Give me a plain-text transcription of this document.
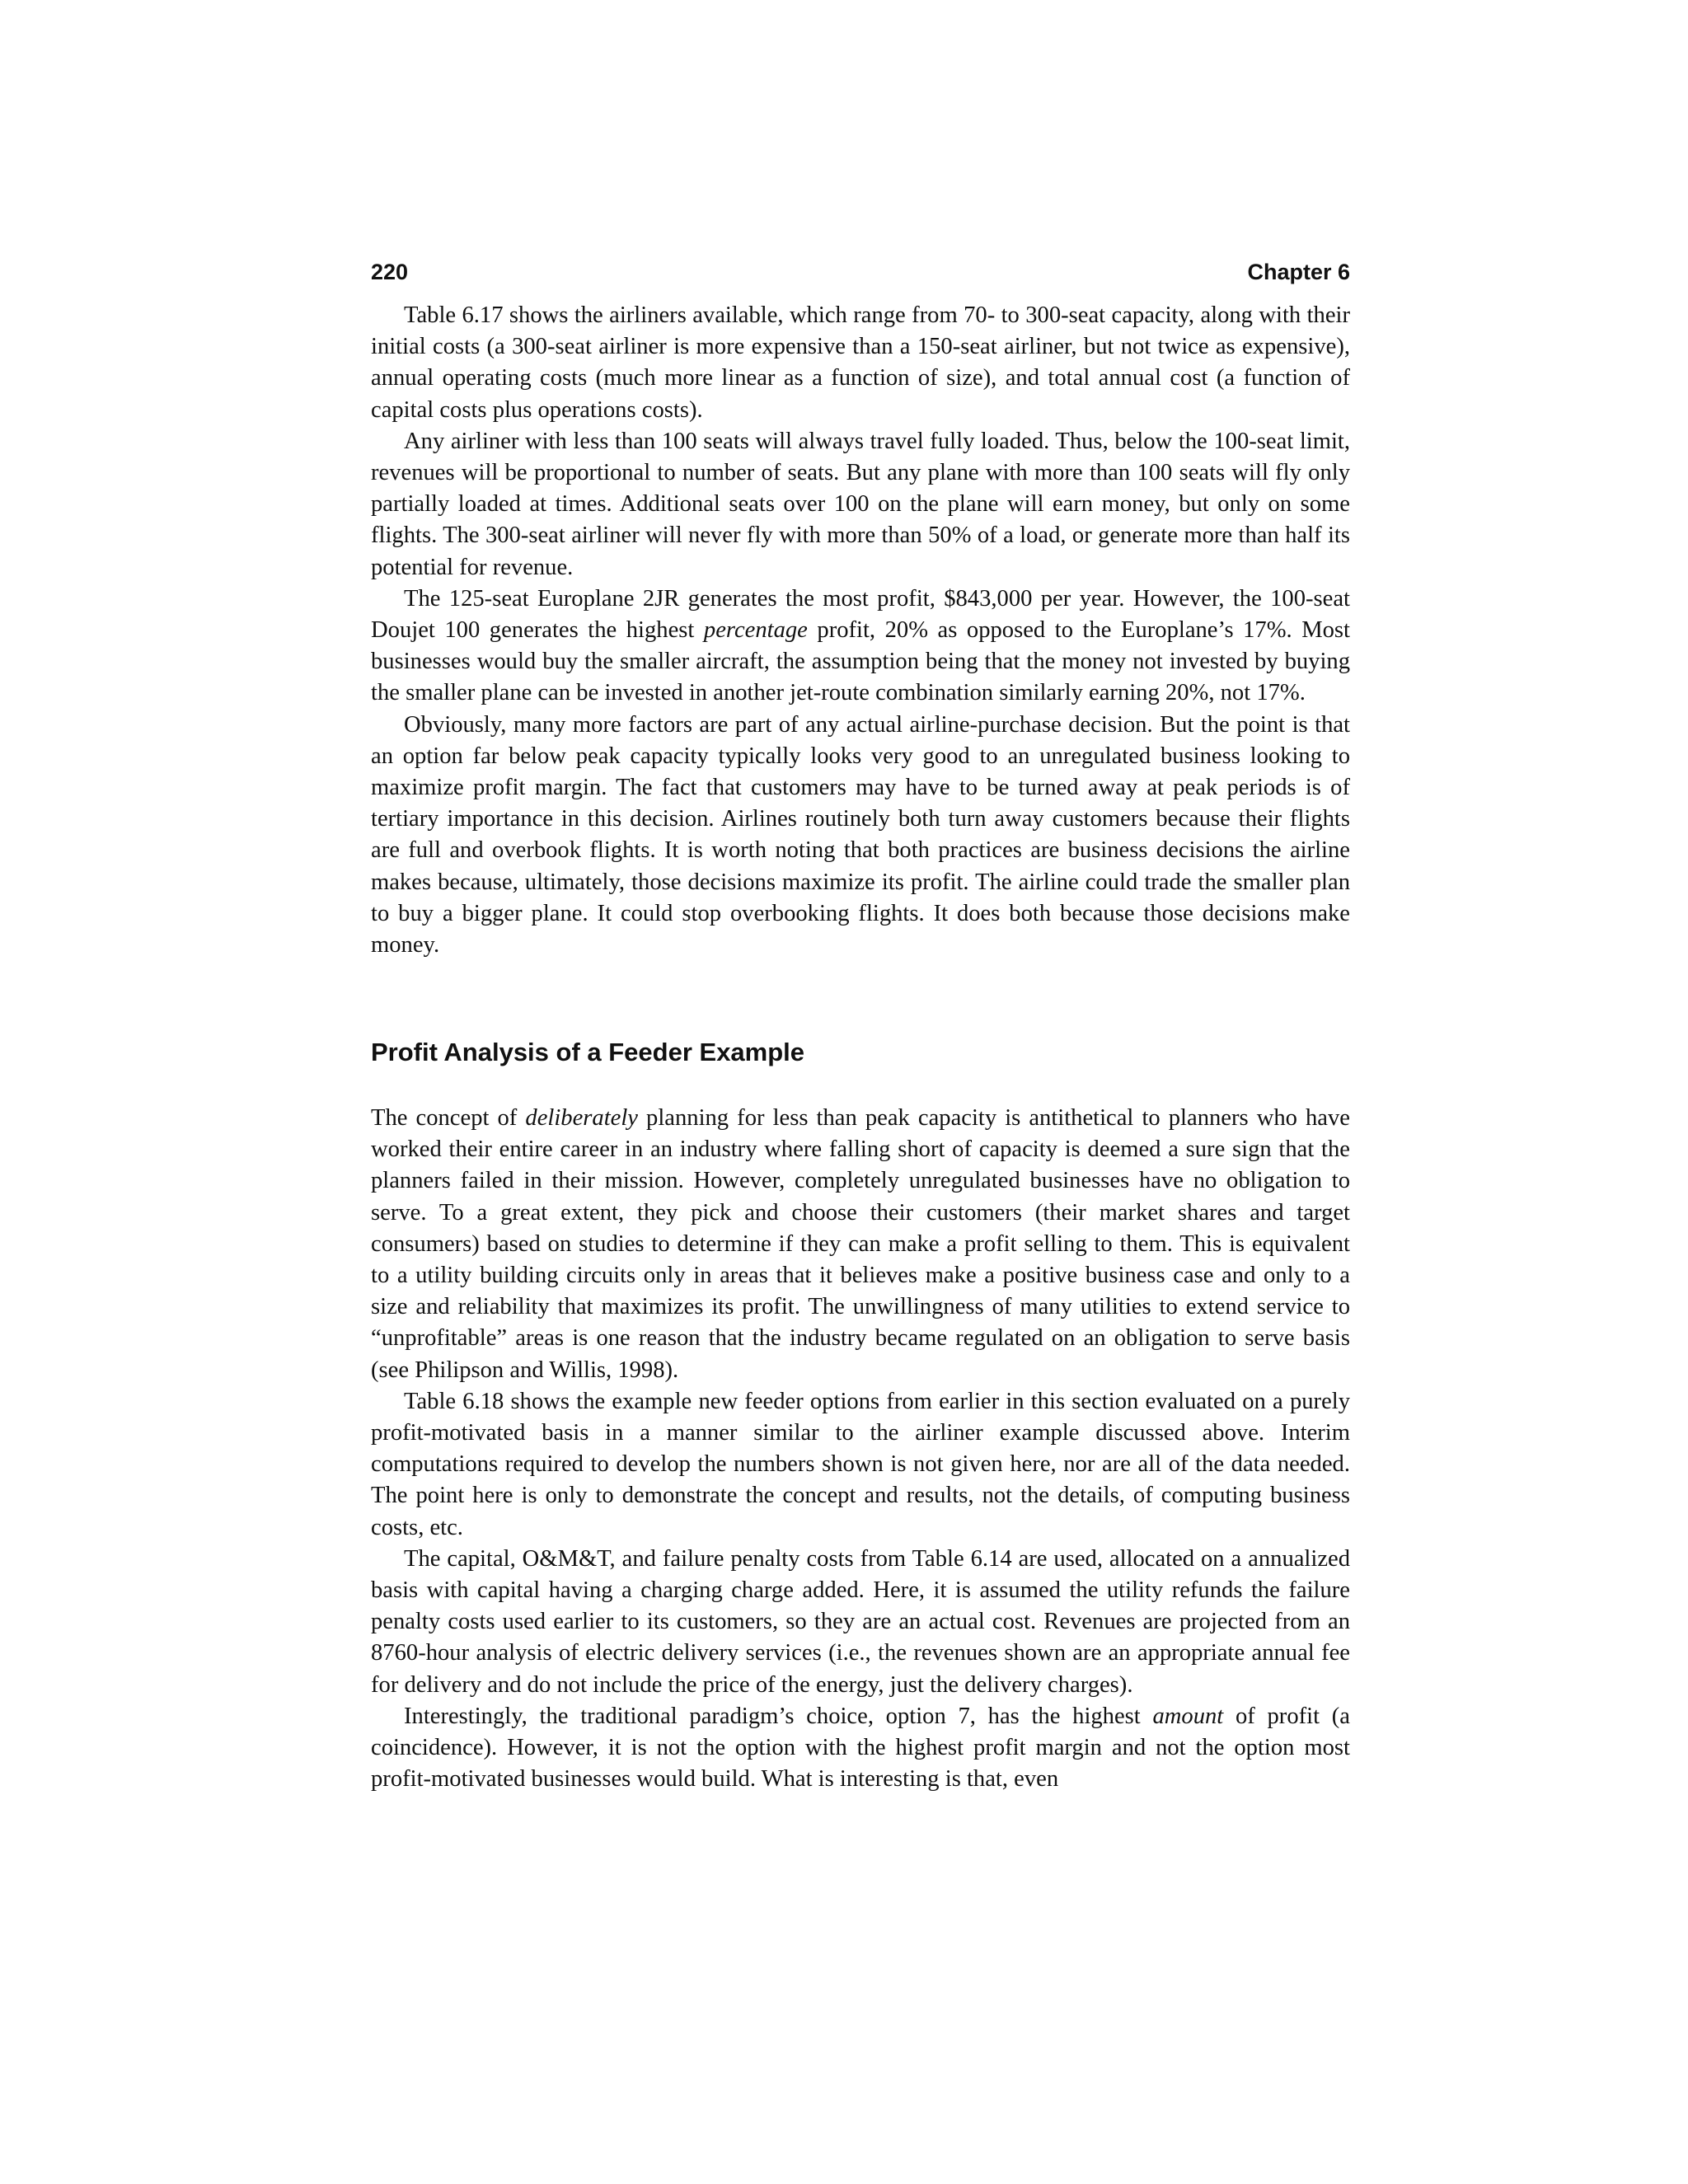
220	Chapter 6

Table 6.17 shows the airliners available, which range from 70- to 300-seat capacity, along with their initial costs (a 300-seat airliner is more expensive than a 150-seat airliner, but not twice as expensive), annual operating costs (much more linear as a function of size), and total annual cost (a function of capital costs plus operations costs).

Any airliner with less than 100 seats will always travel fully loaded. Thus, below the 100-seat limit, revenues will be proportional to number of seats. But any plane with more than 100 seats will fly only partially loaded at times. Additional seats over 100 on the plane will earn money, but only on some flights. The 300-seat airliner will never fly with more than 50% of a load, or generate more than half its potential for revenue.

The 125-seat Europlane 2JR generates the most profit, $843,000 per year. However, the 100-seat Doujet 100 generates the highest percentage profit, 20% as opposed to the Europlane’s 17%. Most businesses would buy the smaller aircraft, the assumption being that the money not invested by buying the smaller plane can be invested in another jet-route combination similarly earning 20%, not 17%.

Obviously, many more factors are part of any actual airline-purchase decision. But the point is that an option far below peak capacity typically looks very good to an unregulated business looking to maximize profit margin. The fact that customers may have to be turned away at peak periods is of tertiary importance in this decision. Airlines routinely both turn away customers because their flights are full and overbook flights. It is worth noting that both practices are business decisions the airline makes because, ultimately, those decisions maximize its profit. The airline could trade the smaller plan to buy a bigger plane. It could stop overbooking flights. It does both because those decisions make money.

Profit Analysis of a Feeder Example

The concept of deliberately planning for less than peak capacity is antithetical to planners who have worked their entire career in an industry where falling short of capacity is deemed a sure sign that the planners failed in their mission. However, completely unregulated businesses have no obligation to serve. To a great extent, they pick and choose their customers (their market shares and target consumers) based on studies to determine if they can make a profit selling to them. This is equivalent to a utility building circuits only in areas that it believes make a positive business case and only to a size and reliability that maximizes its profit. The unwillingness of many utilities to extend service to “unprofitable” areas is one reason that the industry became regulated on an obligation to serve basis (see Philipson and Willis, 1998).

Table 6.18 shows the example new feeder options from earlier in this section evaluated on a purely profit-motivated basis in a manner similar to the airliner example discussed above. Interim computations required to develop the numbers shown is not given here, nor are all of the data needed. The point here is only to demonstrate the concept and results, not the details, of computing business costs, etc.

The capital, O&M&T, and failure penalty costs from Table 6.14 are used, allocated on a annualized basis with capital having a charging charge added. Here, it is assumed the utility refunds the failure penalty costs used earlier to its customers, so they are an actual cost. Revenues are projected from an 8760-hour analysis of electric delivery services (i.e., the revenues shown are an appropriate annual fee for delivery and do not include the price of the energy, just the delivery charges).

Interestingly, the traditional paradigm’s choice, option 7, has the highest amount of profit (a coincidence). However, it is not the option with the highest profit margin and not the option most profit-motivated businesses would build. What is interesting is that, even
